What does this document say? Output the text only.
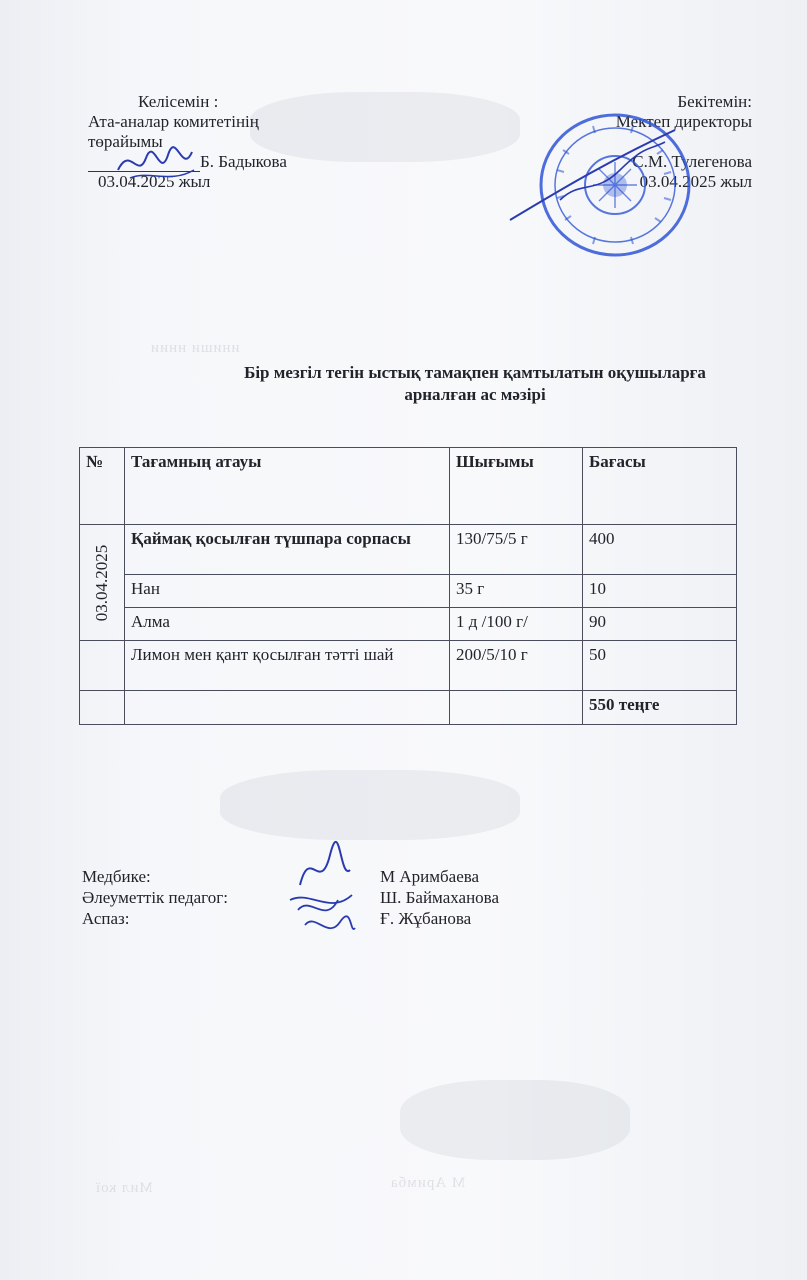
иниши ннии
Мил кої	М Аримба
Келісемін :
Ата-аналар комитетінің
төрайымы
Б. Бадыкова
03.04.2025 жыл
Бекітемін:
Мектеп директоры
С.М. Тулегенова
03.04.2025 жыл
Бір мезгіл тегін ыстық тамақпен қамтылатын оқушыларға
арналған ас мәзірі
№	Тағамның атауы	Шығымы	Бағасы

03.04.2025	Қаймақ қосылған түшпара сорпасы	130/75/5 г	400
	Нан	35 г	10
	Алма	1 д /100 г/	90
	Лимон мен қант қосылған тәтті шай	200/5/10 г	50
			550 теңге
Медбике:
Әлеуметтік педагог:
Аспаз:
М Аримбаева
Ш. Баймаханова
Ғ. Жұбанова
